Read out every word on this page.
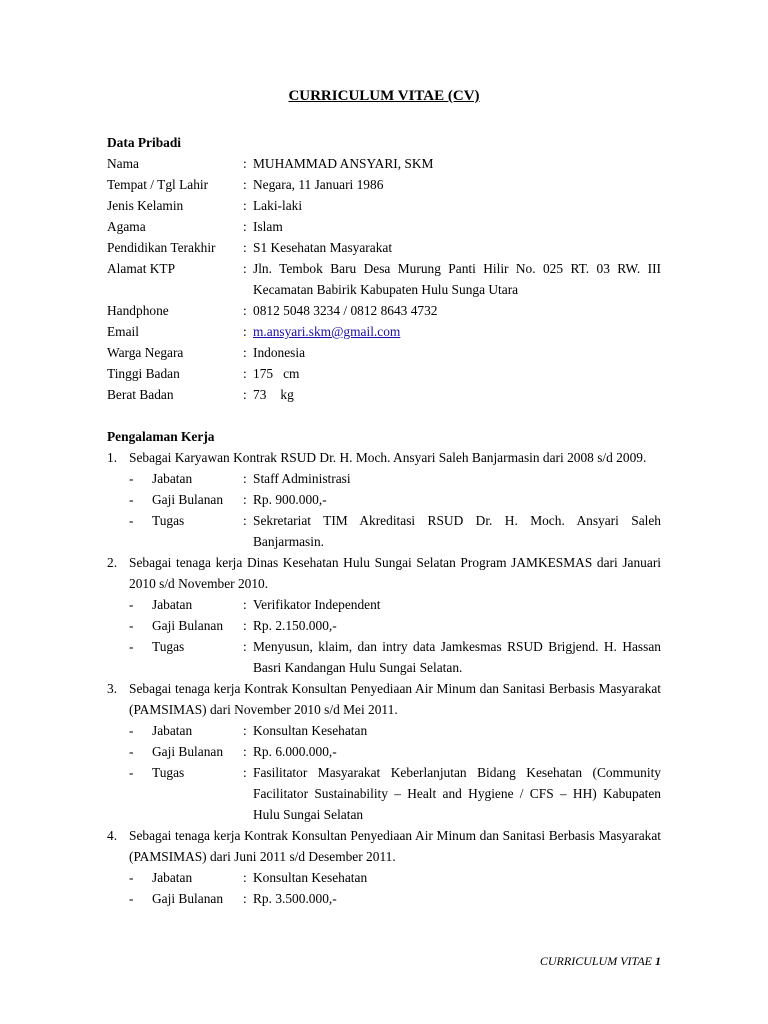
CURRICULUM VITAE (CV)
Data Pribadi
Nama	: MUHAMMAD ANSYARI, SKM
Tempat / Tgl Lahir	: Negara, 11 Januari 1986
Jenis Kelamin	: Laki-laki
Agama	: Islam
Pendidikan Terakhir	: S1 Kesehatan Masyarakat
Alamat KTP	: Jln. Tembok Baru Desa Murung Panti Hilir No. 025 RT. 03 RW. III Kecamatan Babirik Kabupaten Hulu Sunga Utara
Handphone	: 0812 5048 3234 / 0812 8643 4732
Email	: m.ansyari.skm@gmail.com
Warga Negara	: Indonesia
Tinggi Badan	: 175 cm
Berat Badan	: 73 kg
Pengalaman Kerja
1. Sebagai Karyawan Kontrak RSUD Dr. H. Moch. Ansyari Saleh Banjarmasin dari 2008 s/d 2009.
-	Jabatan	: Staff Administrasi
-	Gaji Bulanan	: Rp. 900.000,-
-	Tugas	: Sekretariat TIM Akreditasi RSUD Dr. H. Moch. Ansyari Saleh Banjarmasin.
2. Sebagai tenaga kerja Dinas Kesehatan Hulu Sungai Selatan Program JAMKESMAS dari Januari 2010 s/d November 2010.
-	Jabatan	: Verifikator Independent
-	Gaji Bulanan	: Rp. 2.150.000,-
-	Tugas	: Menyusun, klaim, dan intry data Jamkesmas RSUD Brigjend. H. Hassan Basri Kandangan Hulu Sungai Selatan.
3. Sebagai tenaga kerja Kontrak Konsultan Penyediaan Air Minum dan Sanitasi Berbasis Masyarakat (PAMSIMAS) dari November 2010 s/d Mei 2011.
-	Jabatan	: Konsultan Kesehatan
-	Gaji Bulanan	: Rp. 6.000.000,-
-	Tugas	: Fasilitator Masyarakat Keberlanjutan Bidang Kesehatan (Community Facilitator Sustainability – Healt and Hygiene / CFS – HH) Kabupaten Hulu Sungai Selatan
4. Sebagai tenaga kerja Kontrak Konsultan Penyediaan Air Minum dan Sanitasi Berbasis Masyarakat (PAMSIMAS) dari Juni 2011 s/d Desember 2011.
-	Jabatan	: Konsultan Kesehatan
-	Gaji Bulanan	: Rp. 3.500.000,-
CURRICULUM VITAE 1
